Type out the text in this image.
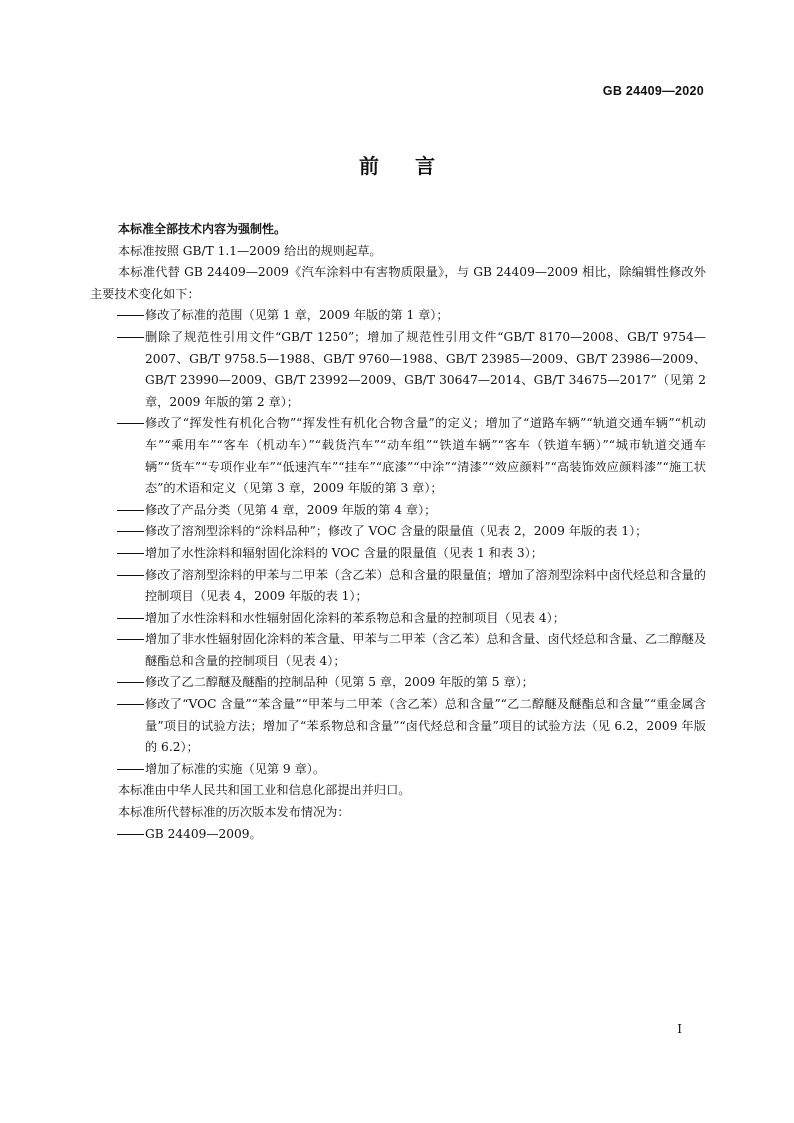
GB 24409—2020
前言

本标准全部技术内容为强制性。

本标准按照 GB/T 1.1—2009 给出的规则起草。

本标准代替 GB 24409—2009《汽车涂料中有害物质限量》，与 GB 24409—2009 相比，除编辑性修改外主要技术变化如下：

修改了标准的范围（见第 1 章，2009 年版的第 1 章）；
删除了规范性引用文件“GB/T 1250”；增加了规范性引用文件“GB/T 8170—2008、GB/T 9754—2007、GB/T 9758.5—1988、GB/T 9760—1988、GB/T 23985—2009、GB/T 23986—2009、GB/T 23990—2009、GB/T 23992—2009、GB/T 30647—2014、GB/T 34675—2017”（见第 2 章，2009 年版的第 2 章）；
修改了“挥发性有机化合物”“挥发性有机化合物含量”的定义；增加了“道路车辆”“轨道交通车辆”“机动车”“乘用车”“客车（机动车）”“载货汽车”“动车组”“铁道车辆”“客车（铁道车辆）”“城市轨道交通车辆”“货车”“专项作业车”“低速汽车”“挂车”“底漆”“中涂”“清漆”“效应颜料”“高装饰效应颜料漆”“施工状态”的术语和定义（见第 3 章，2009 年版的第 3 章）；
修改了产品分类（见第 4 章，2009 年版的第 4 章）；
修改了溶剂型涂料的“涂料品种”；修改了 VOC 含量的限量值（见表 2，2009 年版的表 1）；
增加了水性涂料和辐射固化涂料的 VOC 含量的限量值（见表 1 和表 3）；
修改了溶剂型涂料的甲苯与二甲苯（含乙苯）总和含量的限量值；增加了溶剂型涂料中卤代烃总和含量的控制项目（见表 4，2009 年版的表 1）；
增加了水性涂料和水性辐射固化涂料的苯系物总和含量的控制项目（见表 4）；
增加了非水性辐射固化涂料的苯含量、甲苯与二甲苯（含乙苯）总和含量、卤代烃总和含量、乙二醇醚及醚酯总和含量的控制项目（见表 4）；
修改了乙二醇醚及醚酯的控制品种（见第 5 章，2009 年版的第 5 章）；
修改了“VOC 含量”“苯含量”“甲苯与二甲苯（含乙苯）总和含量”“乙二醇醚及醚酯总和含量”“重金属含量”项目的试验方法；增加了“苯系物总和含量”“卤代烃总和含量”项目的试验方法（见 6.2，2009 年版的 6.2）；
增加了标准的实施（见第 9 章）。

本标准由中华人民共和国工业和信息化部提出并归口。

本标准所代替标准的历次版本发布情况为：

GB 24409—2009。
I
